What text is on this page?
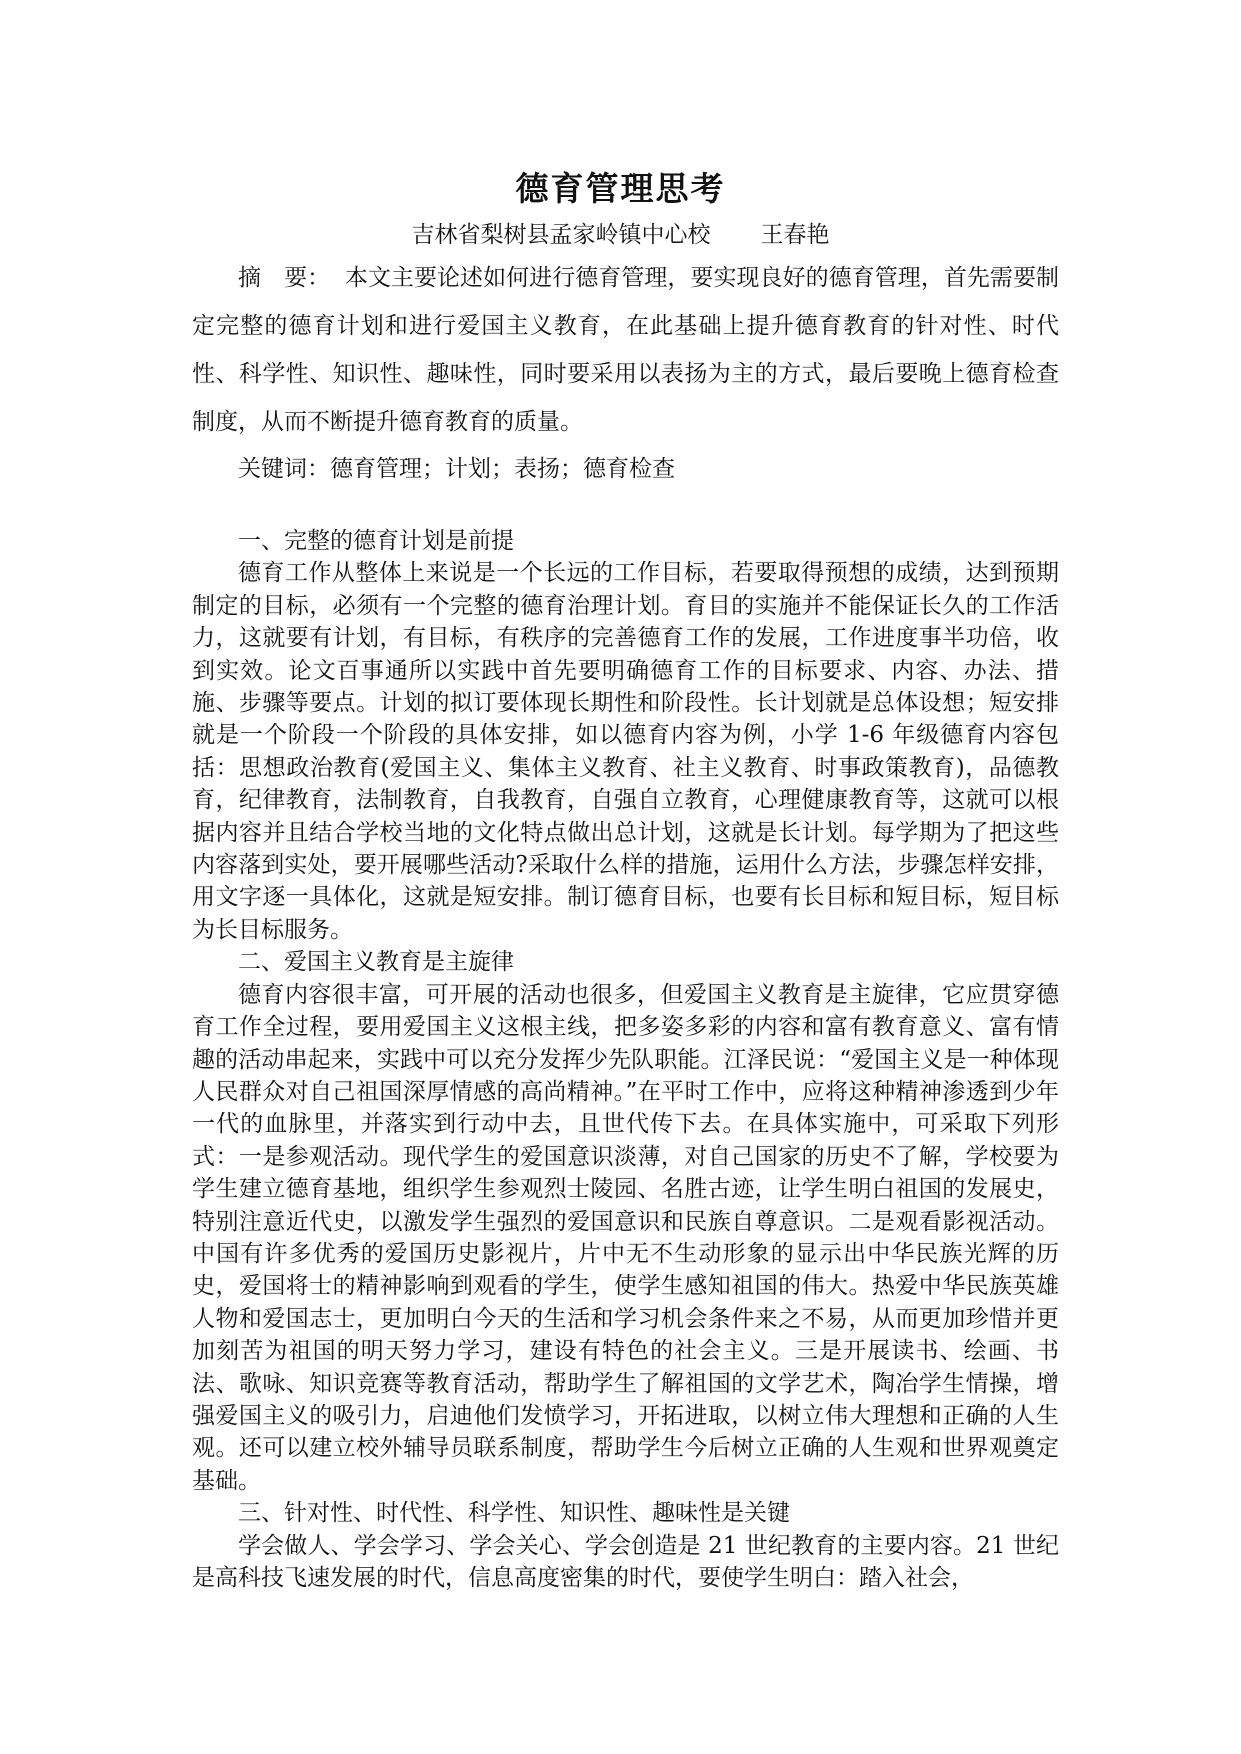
德育管理思考

吉林省梨树县孟家岭镇中心校 王春艳

摘　要： 本文主要论述如何进行德育管理，要实现良好的德育管理，首先需要制定完整的德育计划和进行爱国主义教育，在此基础上提升德育教育的针对性、时代性、科学性、知识性、趣味性，同时要采用以表扬为主的方式，最后要晚上德育检查制度，从而不断提升德育教育的质量。

关键词：德育管理；计划；表扬；德育检查

一、完整的德育计划是前提

德育工作从整体上来说是一个长远的工作目标，若要取得预想的成绩，达到预期制定的目标，必须有一个完整的德育治理计划。育目的实施并不能保证长久的工作活力，这就要有计划，有目标，有秩序的完善德育工作的发展，工作进度事半功倍，收到实效。论文百事通所以实践中首先要明确德育工作的目标要求、内容、办法、措施、步骤等要点。计划的拟订要体现长期性和阶段性。长计划就是总体设想；短安排就是一个阶段一个阶段的具体安排，如以德育内容为例，小学 1-6 年级德育内容包括：思想政治教育(爱国主义、集体主义教育、社主义教育、时事政策教育)，品德教育，纪律教育，法制教育，自我教育，自强自立教育，心理健康教育等，这就可以根据内容并且结合学校当地的文化特点做出总计划，这就是长计划。每学期为了把这些内容落到实处，要开展哪些活动?采取什么样的措施，运用什么方法，步骤怎样安排，用文字逐一具体化，这就是短安排。制订德育目标，也要有长目标和短目标，短目标为长目标服务。

二、爱国主义教育是主旋律

德育内容很丰富，可开展的活动也很多，但爱国主义教育是主旋律，它应贯穿德育工作全过程，要用爱国主义这根主线，把多姿多彩的内容和富有教育意义、富有情趣的活动串起来，实践中可以充分发挥少先队职能。江泽民说：“爱国主义是一种体现人民群众对自己祖国深厚情感的高尚精神。”在平时工作中，应将这种精神渗透到少年一代的血脉里，并落实到行动中去，且世代传下去。在具体实施中，可采取下列形式：一是参观活动。现代学生的爱国意识淡薄，对自己国家的历史不了解，学校要为学生建立德育基地，组织学生参观烈士陵园、名胜古迹，让学生明白祖国的发展史，特别注意近代史，以激发学生强烈的爱国意识和民族自尊意识。二是观看影视活动。中国有许多优秀的爱国历史影视片，片中无不生动形象的显示出中华民族光辉的历史，爱国将士的精神影响到观看的学生，使学生感知祖国的伟大。热爱中华民族英雄人物和爱国志士，更加明白今天的生活和学习机会条件来之不易，从而更加珍惜并更加刻苦为祖国的明天努力学习，建设有特色的社会主义。三是开展读书、绘画、书法、歌咏、知识竞赛等教育活动，帮助学生了解祖国的文学艺术，陶冶学生情操，增强爱国主义的吸引力，启迪他们发愤学习，开拓进取，以树立伟大理想和正确的人生观。还可以建立校外辅导员联系制度，帮助学生今后树立正确的人生观和世界观奠定基础。

三、针对性、时代性、科学性、知识性、趣味性是关键

学会做人、学会学习、学会关心、学会创造是 21 世纪教育的主要内容。21 世纪是高科技飞速发展的时代，信息高度密集的时代，要使学生明白：踏入社会，
